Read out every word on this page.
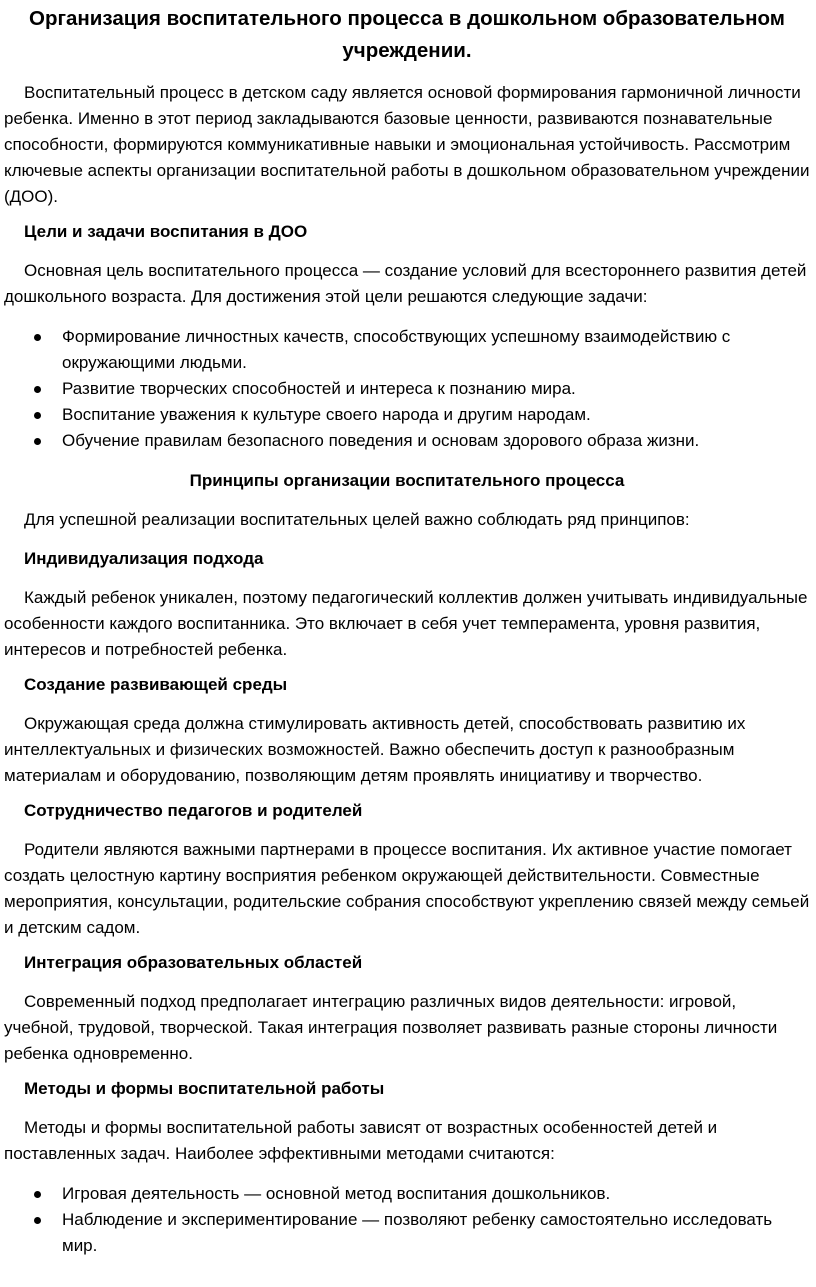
Организация воспитательного процесса в дошкольном образовательном учреждении.

Воспитательный процесс в детском саду является основой формирования гармоничной личности ребенка. Именно в этот период закладываются базовые ценности, развиваются познавательные способности, формируются коммуникативные навыки и эмоциональная устойчивость. Рассмотрим ключевые аспекты организации воспитательной работы в дошкольном образовательном учреждении (ДОО).

Цели и задачи воспитания в ДОО

Основная цель воспитательного процесса — создание условий для всестороннего развития детей дошкольного возраста. Для достижения этой цели решаются следующие задачи:

Формирование личностных качеств, способствующих успешному взаимодействию с окружающими людьми.
Развитие творческих способностей и интереса к познанию мира.
Воспитание уважения к культуре своего народа и другим народам.
Обучение правилам безопасного поведения и основам здорового образа жизни.

Принципы организации воспитательного процесса

Для успешной реализации воспитательных целей важно соблюдать ряд принципов:

Индивидуализация подхода

Каждый ребенок уникален, поэтому педагогический коллектив должен учитывать индивидуальные особенности каждого воспитанника. Это включает в себя учет темперамента, уровня развития, интересов и потребностей ребенка.

Создание развивающей среды

Окружающая среда должна стимулировать активность детей, способствовать развитию их интеллектуальных и физических возможностей. Важно обеспечить доступ к разнообразным материалам и оборудованию, позволяющим детям проявлять инициативу и творчество.

Сотрудничество педагогов и родителей

Родители являются важными партнерами в процессе воспитания. Их активное участие помогает создать целостную картину восприятия ребенком окружающей действительности. Совместные мероприятия, консультации, родительские собрания способствуют укреплению связей между семьей и детским садом.

Интеграция образовательных областей

Современный подход предполагает интеграцию различных видов деятельности: игровой, учебной, трудовой, творческой. Такая интеграция позволяет развивать разные стороны личности ребенка одновременно.

Методы и формы воспитательной работы

Методы и формы воспитательной работы зависят от возрастных особенностей детей и поставленных задач. Наиболее эффективными методами считаются:

Игровая деятельность — основной метод воспитания дошкольников.
Наблюдение и экспериментирование — позволяют ребенку самостоятельно исследовать мир.
